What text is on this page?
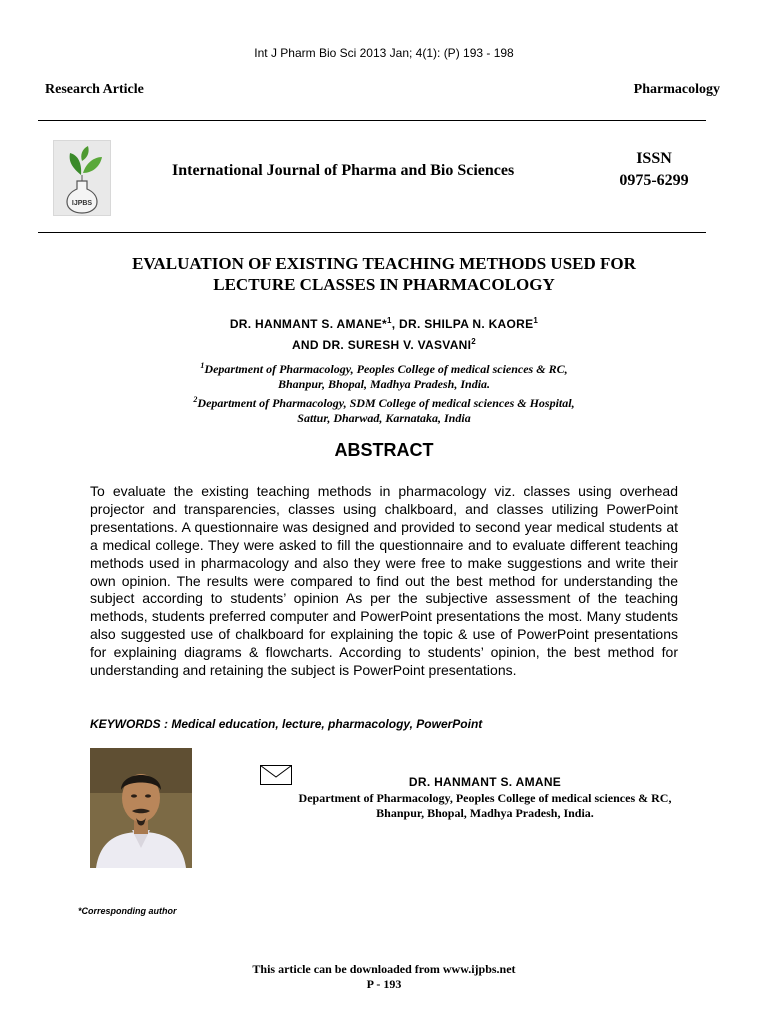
Int J Pharm Bio Sci 2013 Jan; 4(1): (P) 193 - 198
Research Article	Pharmacology
IJPBS
International Journal of Pharma and Bio Sciences
ISSN
0975-6299
EVALUATION OF EXISTING TEACHING METHODS USED FOR
LECTURE CLASSES IN PHARMACOLOGY
DR. HANMANT S. AMANE*$^1$, DR. SHILPA N. KAORE$^1$
AND DR. SURESH V. VASVANI$^2$
$^1$Department of Pharmacology, Peoples College of medical sciences & RC,
Bhanpur, Bhopal, Madhya Pradesh, India.
$^2$Department of Pharmacology, SDM College of medical sciences & Hospital,
Sattur, Dharwad, Karnataka, India
ABSTRACT
To evaluate the existing teaching methods in pharmacology viz. classes using overhead projector and transparencies, classes using chalkboard, and classes utilizing PowerPoint presentations. A questionnaire was designed and provided to second year medical students at a medical college. They were asked to fill the questionnaire and to evaluate different teaching methods used in pharmacology and also they were free to make suggestions and write their own opinion. The results were compared to find out the best method for understanding the subject according to students’ opinion As per the subjective assessment of the teaching methods, students preferred computer and PowerPoint presentations the most. Many students also suggested use of chalkboard for explaining the topic & use of PowerPoint presentations for explaining diagrams & flowcharts. According to students’ opinion, the best method for understanding and retaining the subject is PowerPoint presentations.
KEYWORDS : Medical education, lecture, pharmacology, PowerPoint
DR. HANMANT S. AMANE
Department of Pharmacology, Peoples College of medical sciences & RC,
Bhanpur, Bhopal, Madhya Pradesh, India.
*Corresponding author
This article can be downloaded from www.ijpbs.net
P - 193
